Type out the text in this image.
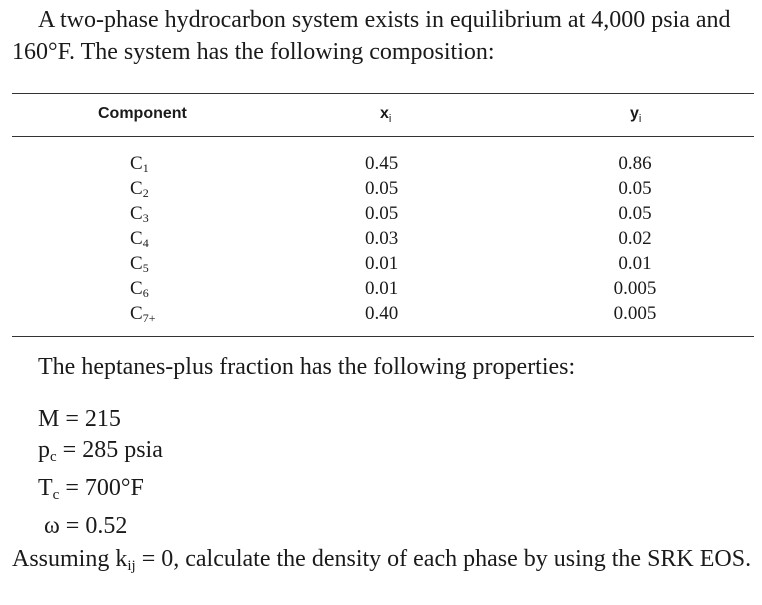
A two-phase hydrocarbon system exists in equilibrium at 4,000 psia and 160°F. The system has the following composition:

Component	$x_i$	$y_i$
$C_1$	0.45	0.86
$C_2$	0.05	0.05
$C_3$	0.05	0.05
$C_4$	0.03	0.02
$C_5$	0.01	0.01
$C_6$	0.01	0.005
$C_{7+}$	0.40	0.005

The heptanes-plus fraction has the following properties:

M = 215
$p_c = 285$ psia
$T_c = 700^\circ F$
ω = 0.52

Assuming $k_{ij} = 0$, calculate the density of each phase by using the SRK EOS.
